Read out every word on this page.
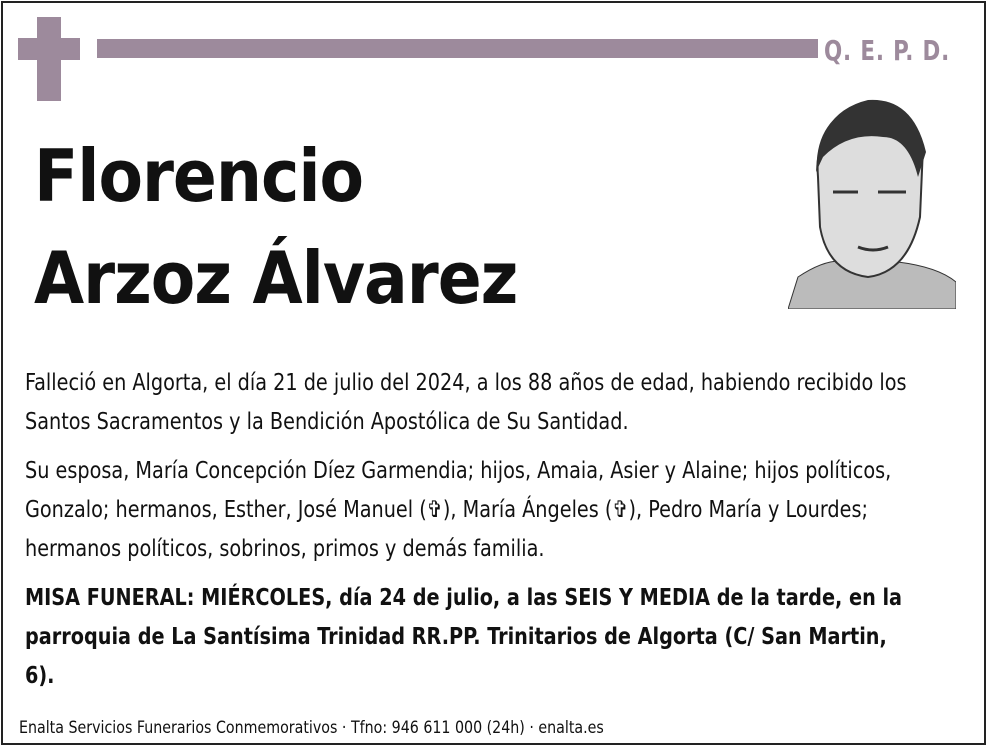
Q. E. P. D.
Florencio
Arzoz Álvarez

Falleció en Algorta, el día 21 de julio del 2024, a los 88 años de edad, habiendo recibido los Santos Sacramentos y la Bendición Apostólica de Su Santidad.

Su esposa, María Concepción Díez Garmendia; hijos, Amaia, Asier y Alaine; hijos políticos, Gonzalo; hermanos, Esther, José Manuel (✞), María Ángeles (✞), Pedro María y Lourdes; hermanos políticos, sobrinos, primos y demás familia.

MISA FUNERAL: MIÉRCOLES, día 24 de julio, a las SEIS Y MEDIA de la tarde, en la parroquia de La Santísima Trinidad RR.PP. Trinitarios de Algorta (C/ San Martin, 6).

Enalta Servicios Funerarios Conmemorativos · Tfno: 946 611 000 (24h) · enalta.es
